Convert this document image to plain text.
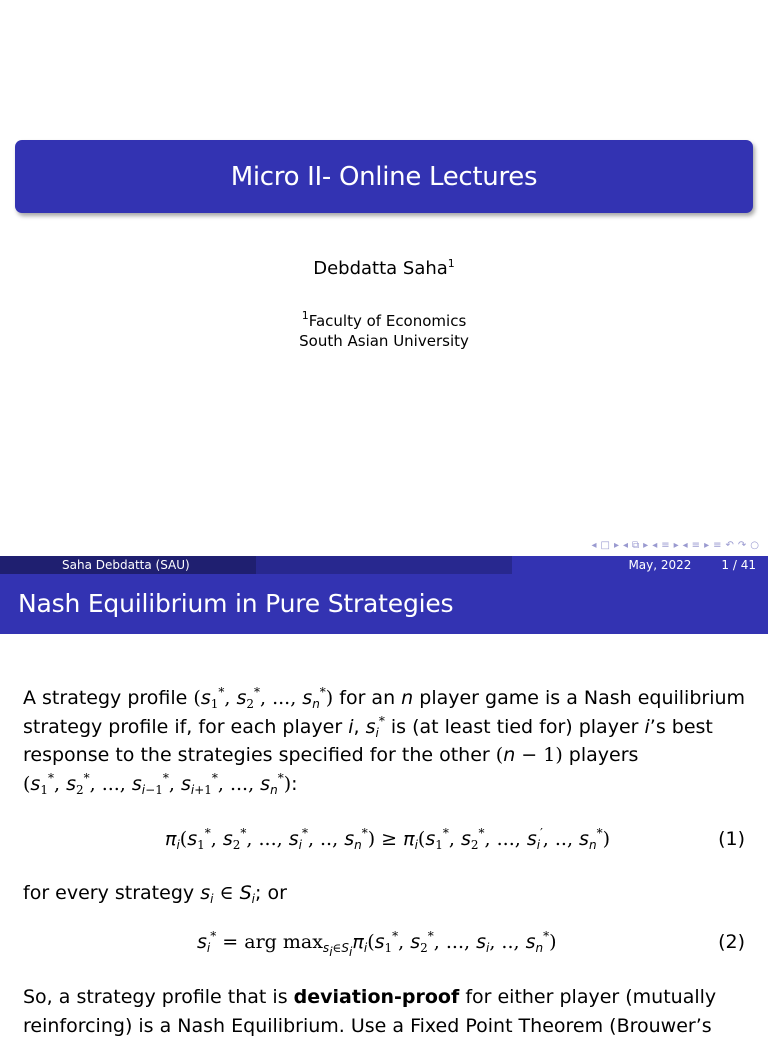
Micro II- Online Lectures
Debdatta Saha$^1$
$^1$Faculty of Economics
South Asian University
◂ □ ▸ ◂ ⧉ ▸ ◂ ≡ ▸ ◂ ≡ ▸ ≡ ↶ ↷ ○
Saha Debdatta (SAU)	May, 2022	1 / 41
Nash Equilibrium in Pure Strategies
A strategy profile ($s_1^*$, $s_2^*$, ..., $s_n^*$) for an n player game is a Nash equilibrium strategy profile if, for each player i, $s_i^*$ is (at least tied for) player i’s best response to the strategies specified for the other (n − 1) players
($s_1^*$, $s_2^*$, ..., $s_{i-1}^*$, $s_{i+1}^*$, ..., $s_n^*$):
$\pi_i(s_1^*$, $s_2^*$, ..., $s_i^*$, .., $s_n^*) \ge \pi_i(s_1^*$, $s_2^*$, ..., $s_i'$, .., $s_n^*$)	(1)
for every strategy $s_i$ ∈ $S_i$; or
$s_i^*$ = arg $\max_{s_i\in S_i}\pi_i(s_1^*$, $s_2^*$, ..., $s_i$, .., $s_n^*$)	(2)
So, a strategy profile that is deviation-proof for either player (mutually reinforcing) is a Nash Equilibrium. Use a Fixed Point Theorem (Brouwer’s
